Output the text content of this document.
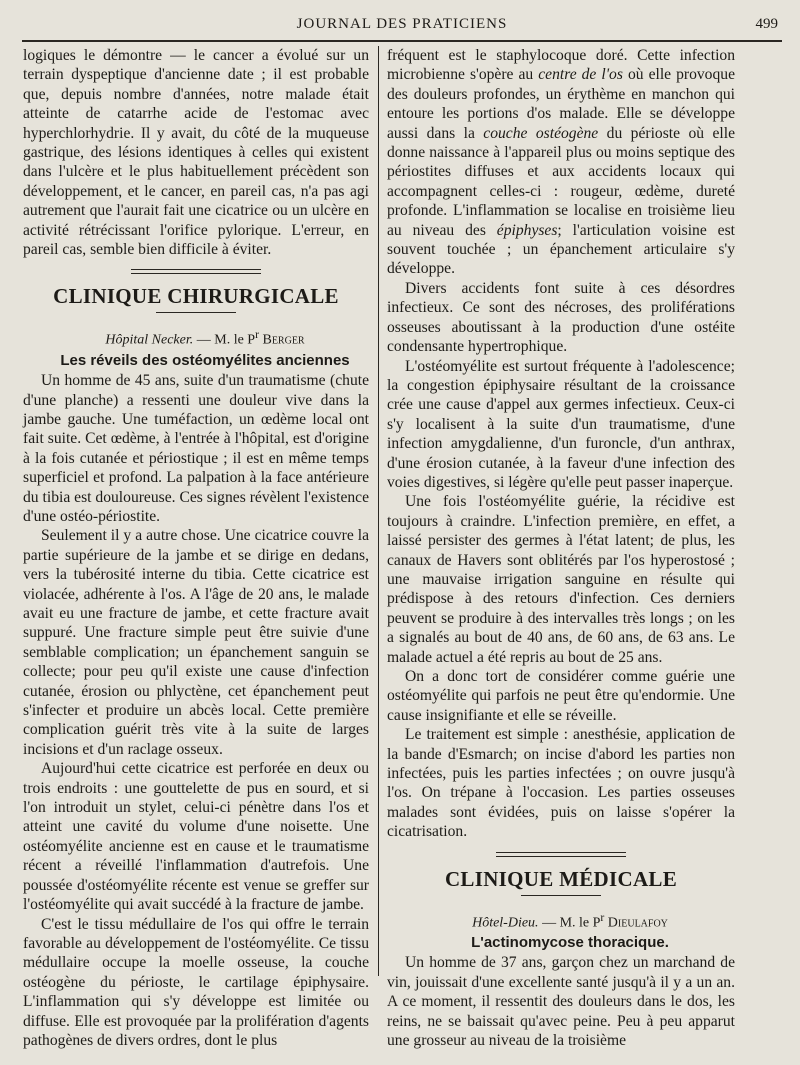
JOURNAL DES PRATICIENS	499

logiques le démontre — le cancer a évolué sur un terrain dyspeptique d'ancienne date ; il est probable que, depuis nombre d'années, notre malade était atteinte de catarrhe acide de l'estomac avec hyperchlorhydrie. Il y avait, du côté de la muqueuse gastrique, des lésions identiques à celles qui existent dans l'ulcère et le plus habituellement précèdent son développement, et le cancer, en pareil cas, n'a pas agi autrement que l'aurait fait une cicatrice ou un ulcère en activité rétrécissant l'orifice pylorique. L'erreur, en pareil cas, semble bien difficile à éviter.

CLINIQUE CHIRURGICALE

Hôpital Necker. — M. le $P^r$ Berger

Les réveils des ostéomyélites anciennes

Un homme de 45 ans, suite d'un traumatisme (chute d'une planche) a ressenti une douleur vive dans la jambe gauche. Une tuméfaction, un œdème local ont fait suite. Cet œdème, à l'entrée à l'hôpital, est d'origine à la fois cutanée et périostique ; il est en même temps superficiel et profond. La palpation à la face antérieure du tibia est douloureuse. Ces signes révèlent l'existence d'une ostéo-périostite.

Seulement il y a autre chose. Une cicatrice couvre la partie supérieure de la jambe et se dirige en dedans, vers la tubérosité interne du tibia. Cette cicatrice est violacée, adhérente à l'os. A l'âge de 20 ans, le malade avait eu une fracture de jambe, et cette fracture avait suppuré. Une fracture simple peut être suivie d'une semblable complication; un épanchement sanguin se collecte; pour peu qu'il existe une cause d'infection cutanée, érosion ou phlyctène, cet épanchement peut s'infecter et produire un abcès local. Cette première complication guérit très vite à la suite de larges incisions et d'un raclage osseux.

Aujourd'hui cette cicatrice est perforée en deux ou trois endroits : une gouttelette de pus en sourd, et si l'on introduit un stylet, celui-ci pénètre dans l'os et atteint une cavité du volume d'une noisette. Une ostéomyélite ancienne est en cause et le traumatisme récent a réveillé l'inflammation d'autrefois. Une poussée d'ostéomyélite récente est venue se greffer sur l'ostéomyélite qui avait succédé à la fracture de jambe.

C'est le tissu médullaire de l'os qui offre le terrain favorable au développement de l'ostéomyélite. Ce tissu médullaire occupe la moelle osseuse, la couche ostéogène du périoste, le cartilage épiphysaire. L'inflammation qui s'y développe est limitée ou diffuse. Elle est provoquée par la prolifération d'agents pathogènes de divers ordres, dont le plus

fréquent est le staphylocoque doré. Cette infection microbienne s'opère au centre de l'os où elle provoque des douleurs profondes, un érythème en manchon qui entoure les portions d'os malade. Elle se développe aussi dans la couche ostéogène du périoste où elle donne naissance à l'appareil plus ou moins septique des périostites diffuses et aux accidents locaux qui accompagnent celles-ci : rougeur, œdème, dureté profonde. L'inflammation se localise en troisième lieu au niveau des épiphyses; l'articulation voisine est souvent touchée ; un épanchement articulaire s'y développe.

Divers accidents font suite à ces désordres infectieux. Ce sont des nécroses, des proliférations osseuses aboutissant à la production d'une ostéite condensante hypertrophique.

L'ostéomyélite est surtout fréquente à l'adolescence; la congestion épiphysaire résultant de la croissance crée une cause d'appel aux germes infectieux. Ceux-ci s'y localisent à la suite d'un traumatisme, d'une infection amygdalienne, d'un furoncle, d'un anthrax, d'une érosion cutanée, à la faveur d'une infection des voies digestives, si légère qu'elle peut passer inaperçue.

Une fois l'ostéomyélite guérie, la récidive est toujours à craindre. L'infection première, en effet, a laissé persister des germes à l'état latent; de plus, les canaux de Havers sont oblitérés par l'os hyperostosé ; une mauvaise irrigation sanguine en résulte qui prédispose à des retours d'infection. Ces derniers peuvent se produire à des intervalles très longs ; on les a signalés au bout de 40 ans, de 60 ans, de 63 ans. Le malade actuel a été repris au bout de 25 ans.

On a donc tort de considérer comme guérie une ostéomyélite qui parfois ne peut être qu'endormie. Une cause insignifiante et elle se réveille.

Le traitement est simple : anesthésie, application de la bande d'Esmarch; on incise d'abord les parties non infectées, puis les parties infectées ; on ouvre jusqu'à l'os. On trépane à l'occasion. Les parties osseuses malades sont évidées, puis on laisse s'opérer la cicatrisation.

CLINIQUE MÉDICALE

Hôtel-Dieu. — M. le $P^r$ Dieulafoy

L'actinomycose thoracique.

Un homme de 37 ans, garçon chez un marchand de vin, jouissait d'une excellente santé jusqu'à il y a un an. A ce moment, il ressentit des douleurs dans le dos, les reins, ne se baissait qu'avec peine. Peu à peu apparut une grosseur au niveau de la troisième
